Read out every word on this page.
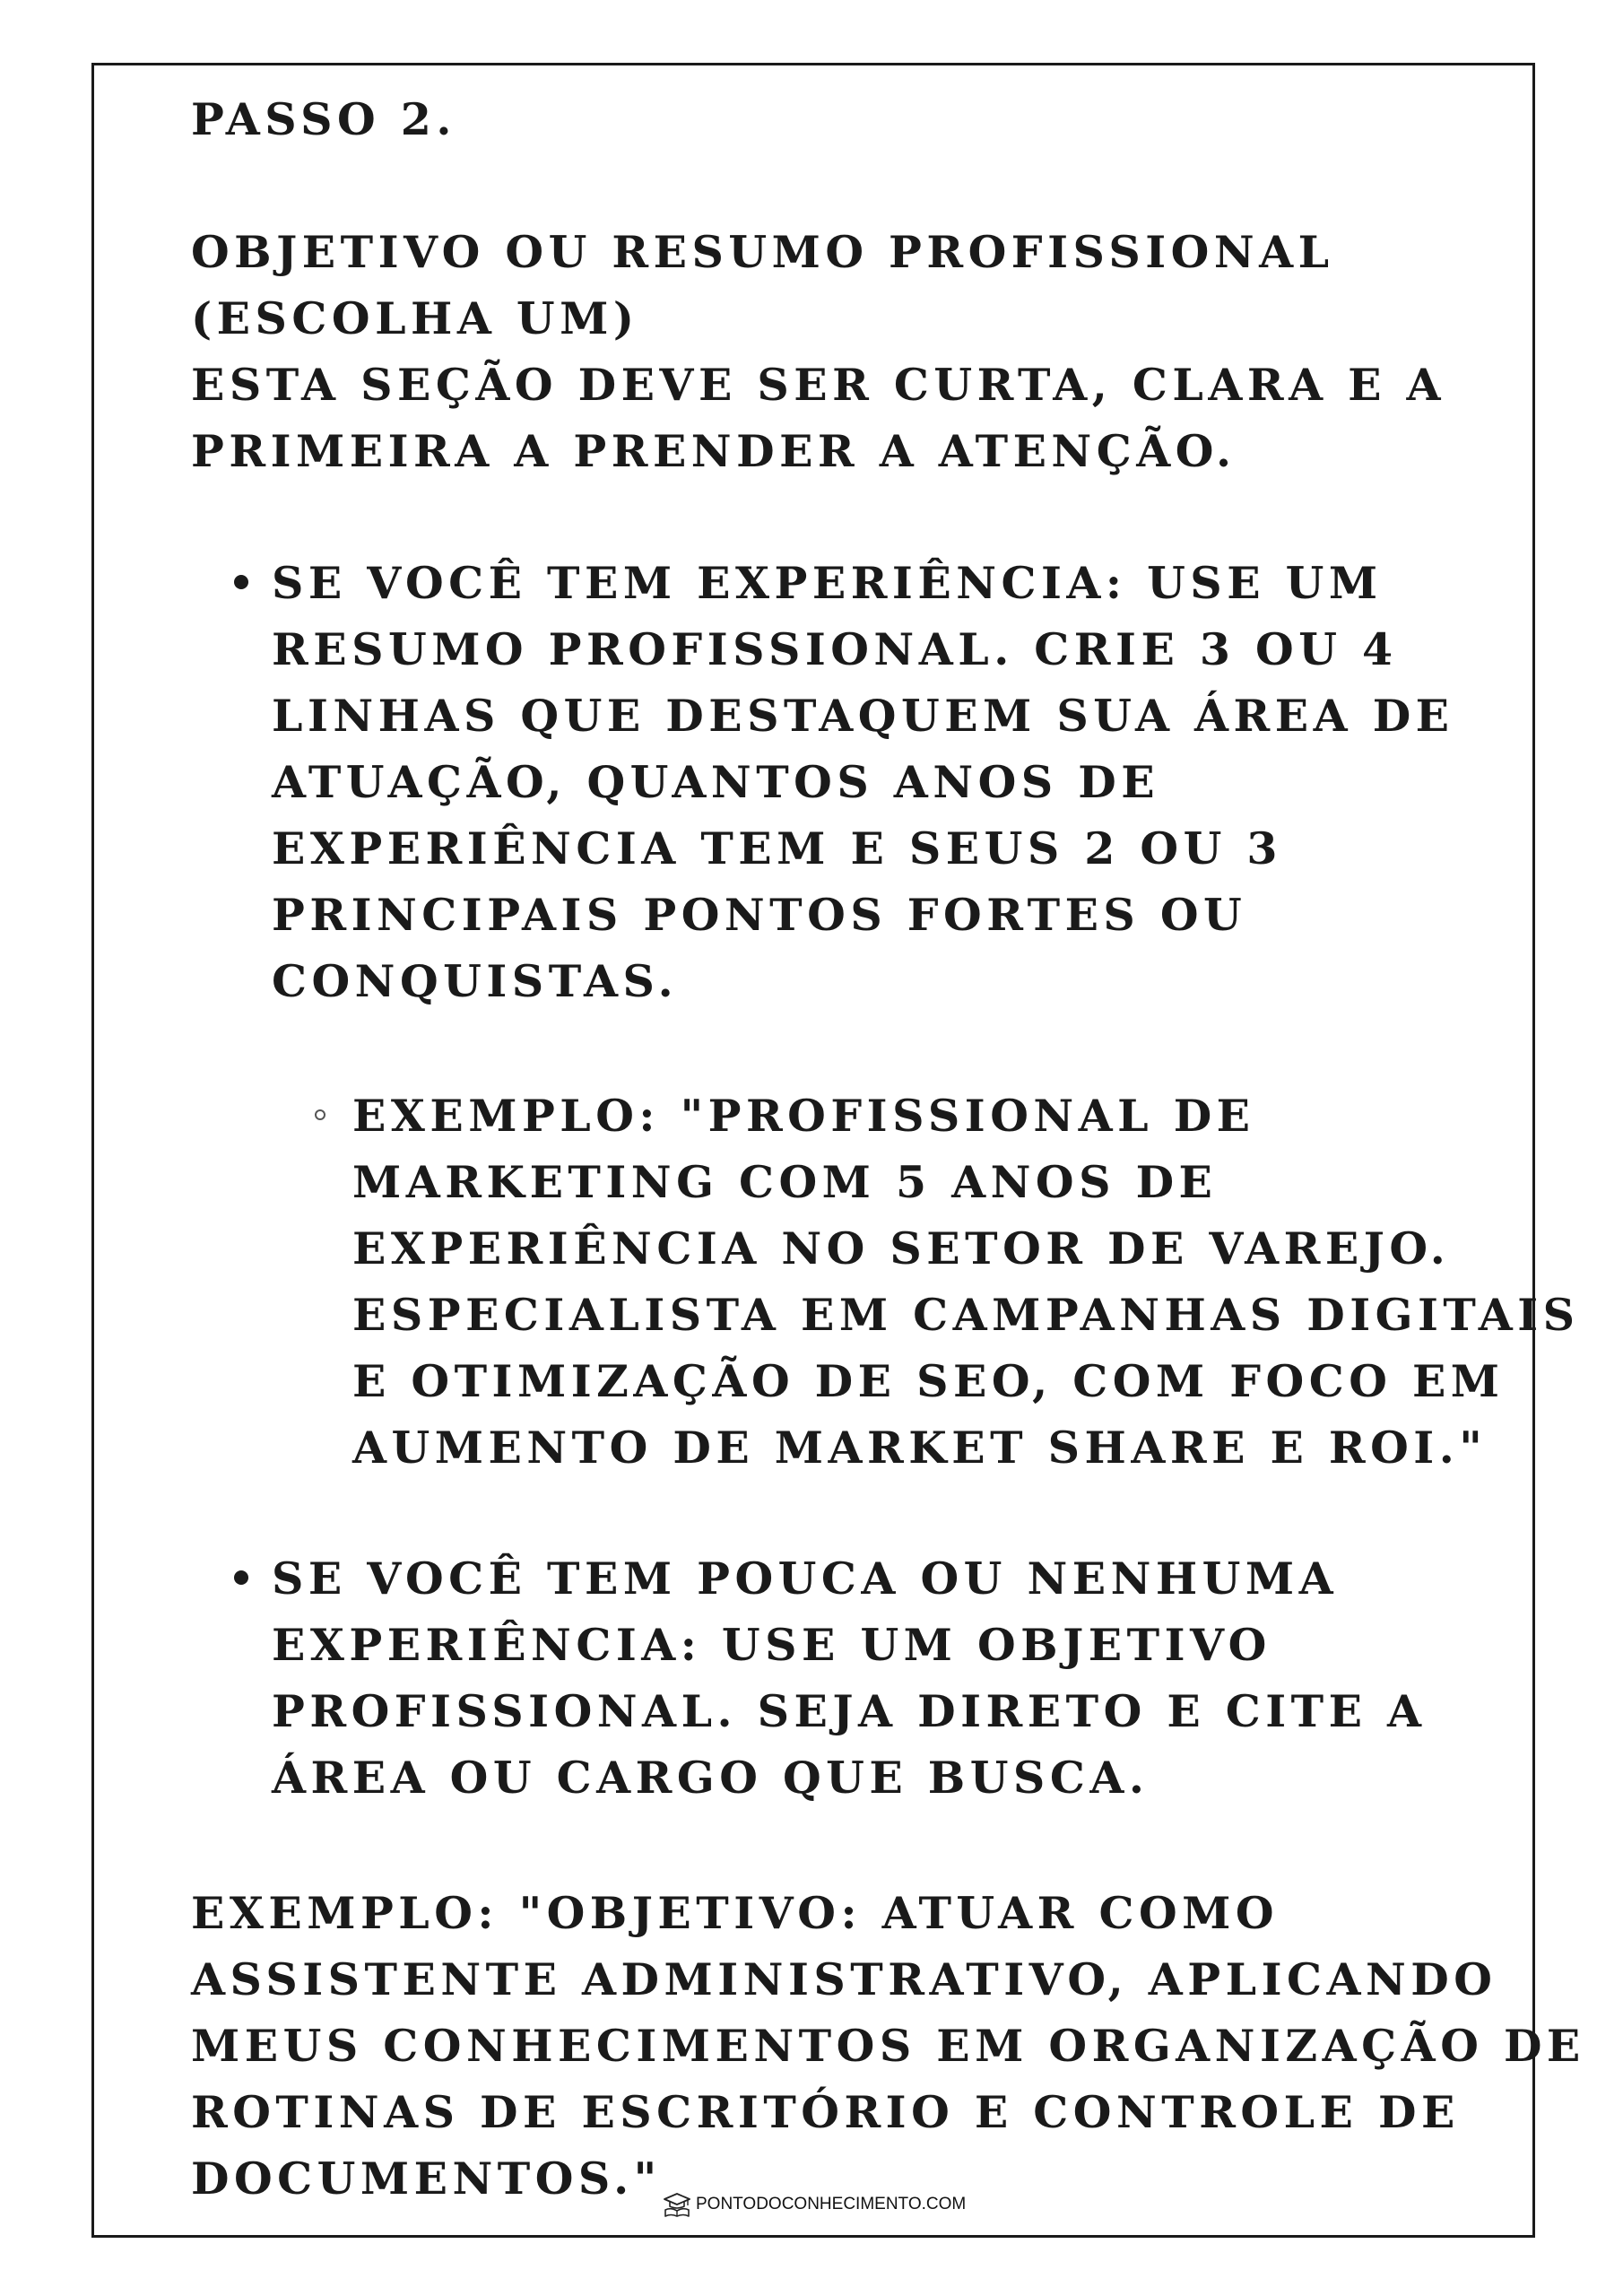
PASSO 2.
OBJETIVO OU RESUMO PROFISSIONAL
(ESCOLHA UM)
ESTA SEÇÃO DEVE SER CURTA, CLARA E A
PRIMEIRA A PRENDER A ATENÇÃO.
SE VOCÊ TEM EXPERIÊNCIA: USE UM
RESUMO PROFISSIONAL. CRIE 3 OU 4
LINHAS QUE DESTAQUEM SUA ÁREA DE
ATUAÇÃO, QUANTOS ANOS DE
EXPERIÊNCIA TEM E SEUS 2 OU 3
PRINCIPAIS PONTOS FORTES OU
CONQUISTAS.
EXEMPLO: "PROFISSIONAL DE
MARKETING COM 5 ANOS DE
EXPERIÊNCIA NO SETOR DE VAREJO.
ESPECIALISTA EM CAMPANHAS DIGITAIS
E OTIMIZAÇÃO DE SEO, COM FOCO EM
AUMENTO DE MARKET SHARE E ROI."
SE VOCÊ TEM POUCA OU NENHUMA
EXPERIÊNCIA: USE UM OBJETIVO
PROFISSIONAL. SEJA DIRETO E CITE A
ÁREA OU CARGO QUE BUSCA.
EXEMPLO: "OBJETIVO: ATUAR COMO
ASSISTENTE ADMINISTRATIVO, APLICANDO
MEUS CONHECIMENTOS EM ORGANIZAÇÃO DE
ROTINAS DE ESCRITÓRIO E CONTROLE DE
DOCUMENTOS."	PONTODOCONHECIMENTO.COM
